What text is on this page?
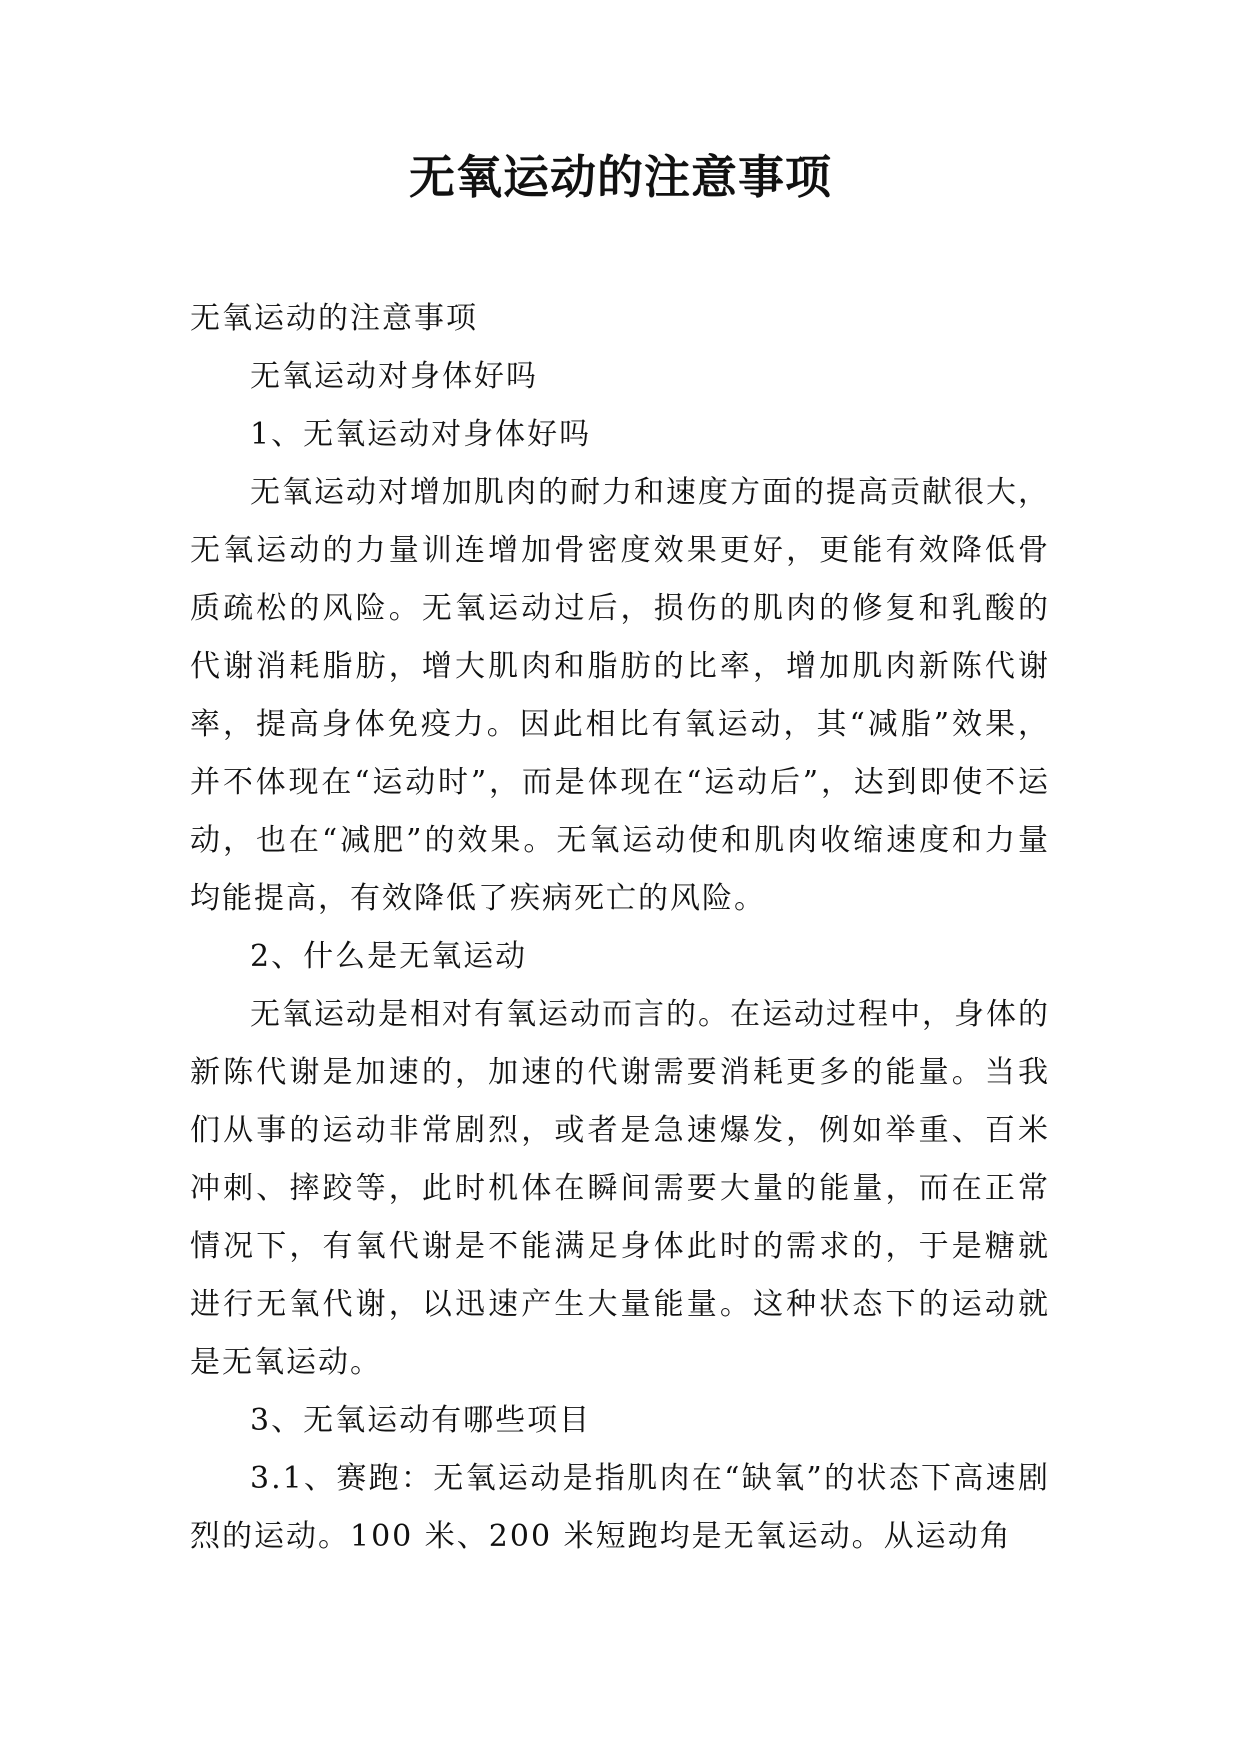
无氧运动的注意事项

无氧运动的注意事项

无氧运动对身体好吗

1、无氧运动对身体好吗

无氧运动对增加肌肉的耐力和速度方面的提高贡献很大，无氧运动的力量训连增加骨密度效果更好，更能有效降低骨质疏松的风险。无氧运动过后，损伤的肌肉的修复和乳酸的代谢消耗脂肪，增大肌肉和脂肪的比率，增加肌肉新陈代谢率，提高身体免疫力。因此相比有氧运动，其“减脂”效果，并不体现在“运动时”，而是体现在“运动后”，达到即使不运动，也在“减肥”的效果。无氧运动使和肌肉收缩速度和力量均能提高，有效降低了疾病死亡的风险。

2、什么是无氧运动

无氧运动是相对有氧运动而言的。在运动过程中，身体的新陈代谢是加速的，加速的代谢需要消耗更多的能量。当我们从事的运动非常剧烈，或者是急速爆发，例如举重、百米冲刺、摔跤等，此时机体在瞬间需要大量的能量，而在正常情况下，有氧代谢是不能满足身体此时的需求的，于是糖就进行无氧代谢，以迅速产生大量能量。这种状态下的运动就是无氧运动。

3、无氧运动有哪些项目

3.1、赛跑：无氧运动是指肌肉在“缺氧”的状态下高速剧烈的运动。100 米、200 米短跑均是无氧运动。从运动角
